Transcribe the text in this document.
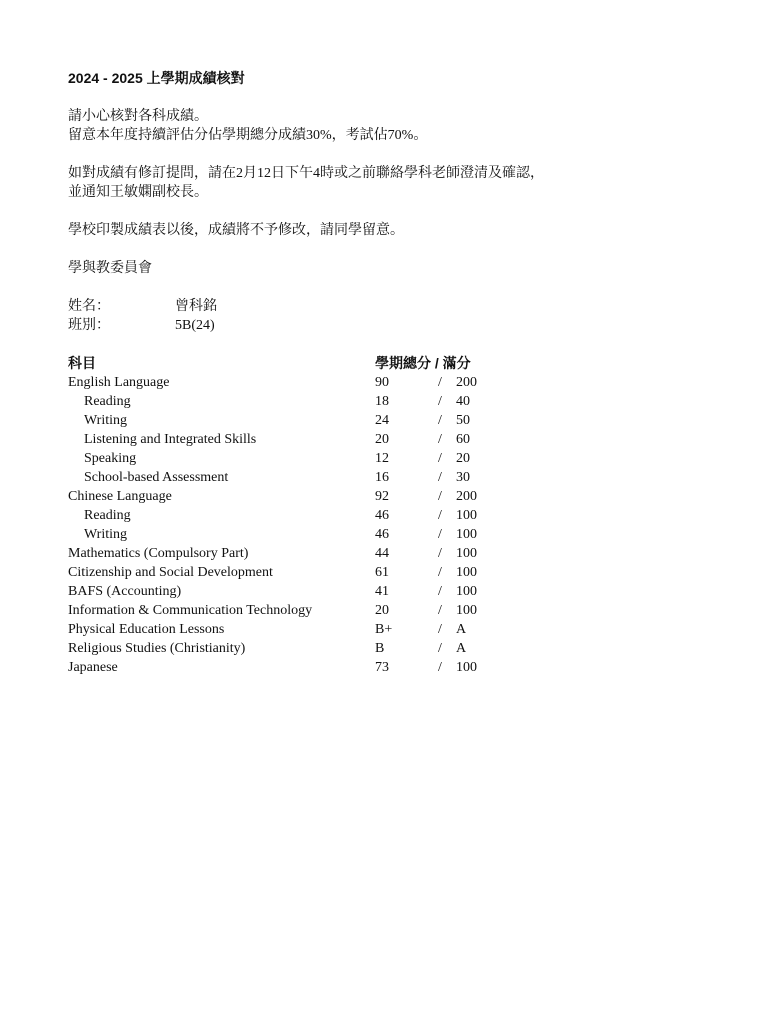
2024 - 2025 上學期成績核對
請小心核對各科成績。
留意本年度持續評估分佔學期總分成績30%，考試佔70%。
如對成績有修訂提問，請在2月12日下午4時或之前聯絡學科老師澄清及確認，
並通知王敏嫻副校長。
學校印製成績表以後，成績將不予修改，請同學留意。
學與教委員會
姓名：	曾科銘
班別：	5B(24)
科目	學期總分 / 滿分
English Language	90	/ 200
Reading	18	/ 40
Writing	24	/ 50
Listening and Integrated Skills	20	/ 60
Speaking	12	/ 20
School-based Assessment	16	/ 30
Chinese Language	92	/ 200
Reading	46	/ 100
Writing	46	/ 100
Mathematics (Compulsory Part)	44	/ 100
Citizenship and Social Development	61	/ 100
BAFS (Accounting)	41	/ 100
Information & Communication Technology	20	/ 100
Physical Education Lessons	B+	/ A
Religious Studies (Christianity)	B	/ A
Japanese	73	/ 100
